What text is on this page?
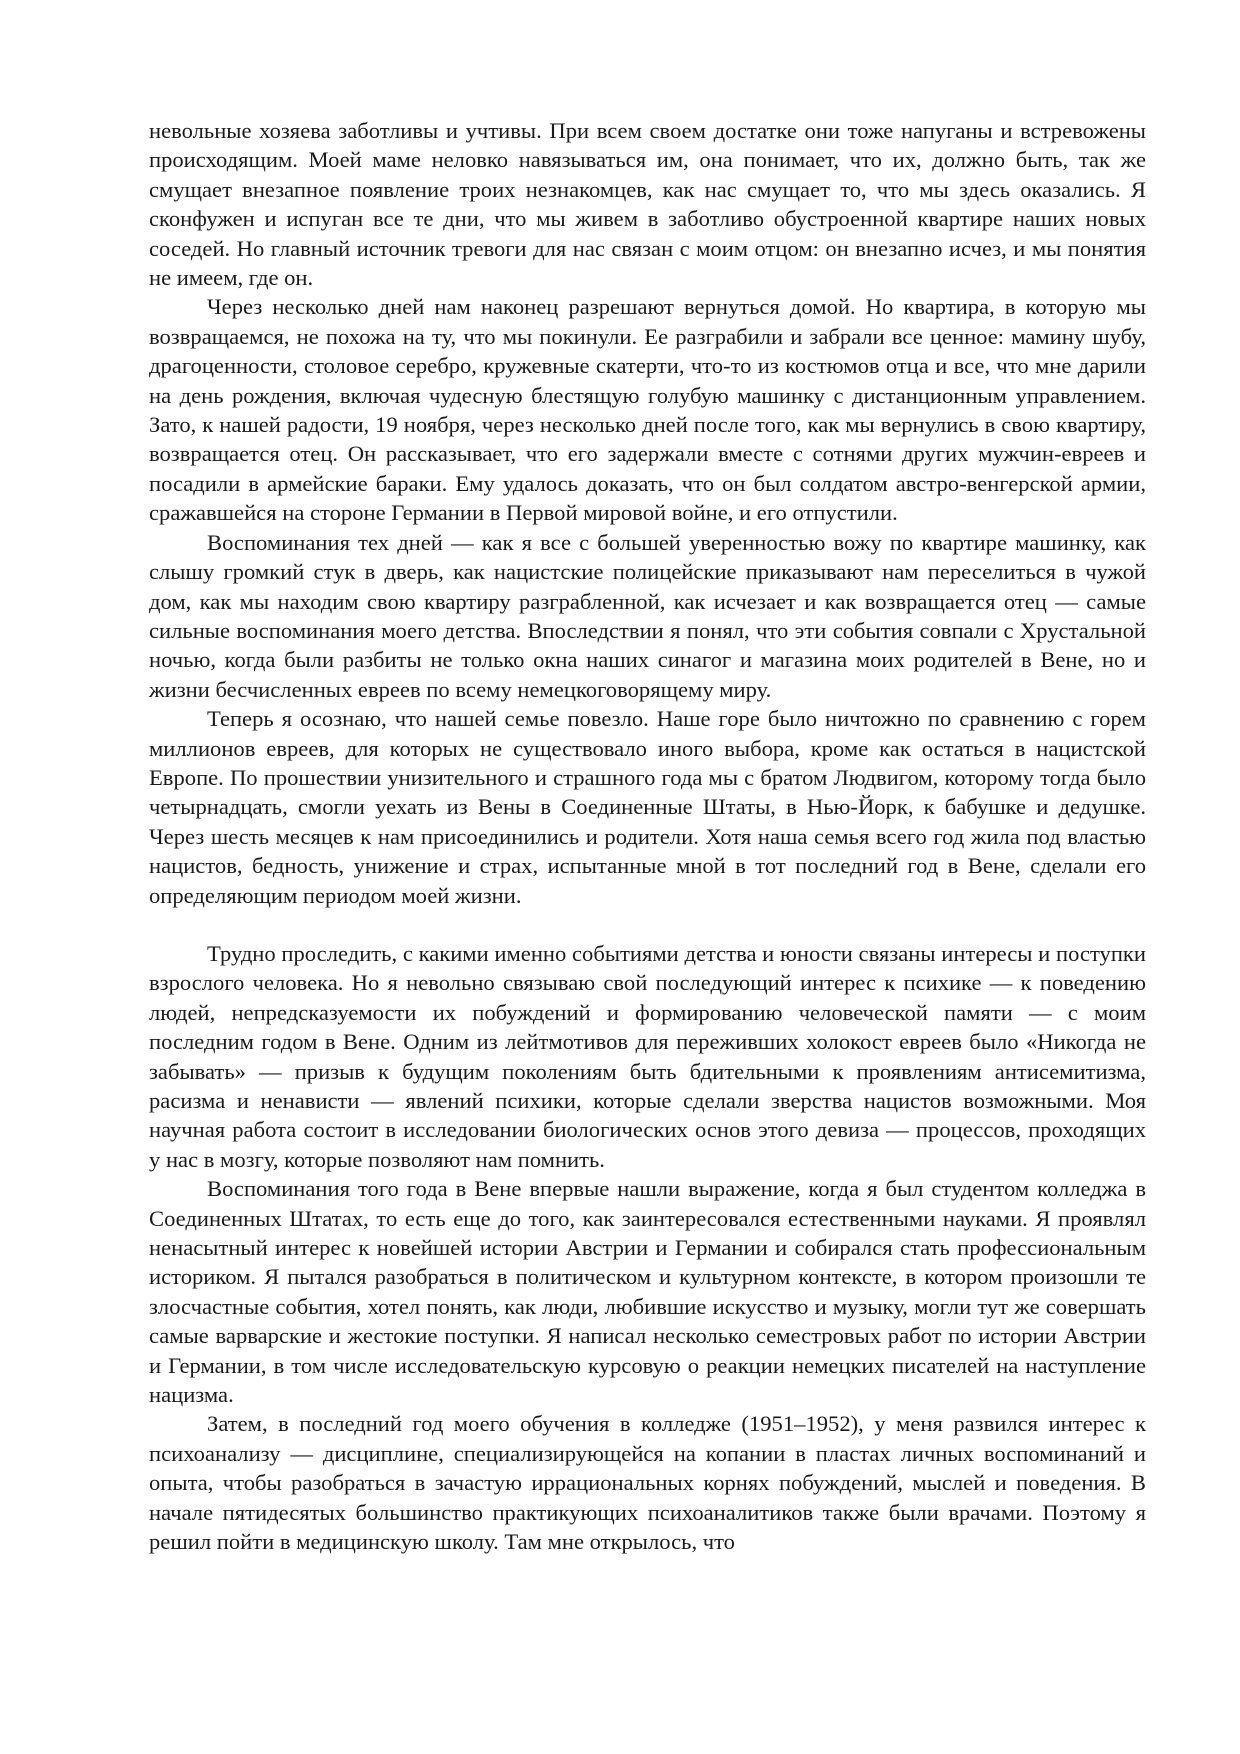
невольные хозяева заботливы и учтивы. При всем своем достатке они тоже напуганы и встревожены происходящим. Моей маме неловко навязываться им, она понимает, что их, должно быть, так же смущает внезапное появление троих незнакомцев, как нас смущает то, что мы здесь оказались. Я сконфужен и испуган все те дни, что мы живем в заботливо обустроенной квартире наших новых соседей. Но главный источник тревоги для нас связан с моим отцом: он внезапно исчез, и мы понятия не имеем, где он.

Через несколько дней нам наконец разрешают вернуться домой. Но квартира, в которую мы возвращаемся, не похожа на ту, что мы покинули. Ее разграбили и забрали все ценное: мамину шубу, драгоценности, столовое серебро, кружевные скатерти, что-то из костюмов отца и все, что мне дарили на день рождения, включая чудесную блестящую голубую машинку с дистанционным управлением. Зато, к нашей радости, 19 ноября, через несколько дней после того, как мы вернулись в свою квартиру, возвращается отец. Он рассказывает, что его задержали вместе с сотнями других мужчин-евреев и посадили в армейские бараки. Ему удалось доказать, что он был солдатом австро-венгерской армии, сражавшейся на стороне Германии в Первой мировой войне, и его отпустили.

Воспоминания тех дней — как я все с большей уверенностью вожу по квартире машинку, как слышу громкий стук в дверь, как нацистские полицейские приказывают нам переселиться в чужой дом, как мы находим свою квартиру разграбленной, как исчезает и как возвращается отец — самые сильные воспоминания моего детства. Впоследствии я понял, что эти события совпали с Хрустальной ночью, когда были разбиты не только окна наших синагог и магазина моих родителей в Вене, но и жизни бесчисленных евреев по всему немецкоговорящему миру.

Теперь я осознаю, что нашей семье повезло. Наше горе было ничтожно по сравнению с горем миллионов евреев, для которых не существовало иного выбора, кроме как остаться в нацистской Европе. По прошествии унизительного и страшного года мы с братом Людвигом, которому тогда было четырнадцать, смогли уехать из Вены в Соединенные Штаты, в Нью-Йорк, к бабушке и дедушке. Через шесть месяцев к нам присоединились и родители. Хотя наша семья всего год жила под властью нацистов, бедность, унижение и страх, испытанные мной в тот последний год в Вене, сделали его определяющим периодом моей жизни.

Трудно проследить, с какими именно событиями детства и юности связаны интересы и поступки взрослого человека. Но я невольно связываю свой последующий интерес к психике — к поведению людей, непредсказуемости их побуждений и формированию человеческой памяти — с моим последним годом в Вене. Одним из лейтмотивов для переживших холокост евреев было «Никогда не забывать» — призыв к будущим поколениям быть бдительными к проявлениям антисемитизма, расизма и ненависти — явлений психики, которые сделали зверства нацистов возможными. Моя научная работа состоит в исследовании биологических основ этого девиза — процессов, проходящих у нас в мозгу, которые позволяют нам помнить.

Воспоминания того года в Вене впервые нашли выражение, когда я был студентом колледжа в Соединенных Штатах, то есть еще до того, как заинтересовался естественными науками. Я проявлял ненасытный интерес к новейшей истории Австрии и Германии и собирался стать профессиональным историком. Я пытался разобраться в политическом и культурном контексте, в котором произошли те злосчастные события, хотел понять, как люди, любившие искусство и музыку, могли тут же совершать самые варварские и жестокие поступки. Я написал несколько семестровых работ по истории Австрии и Германии, в том числе исследовательскую курсовую о реакции немецких писателей на наступление нацизма.

Затем, в последний год моего обучения в колледже (1951–1952), у меня развился интерес к психоанализу — дисциплине, специализирующейся на копании в пластах личных воспоминаний и опыта, чтобы разобраться в зачастую иррациональных корнях побуждений, мыслей и поведения. В начале пятидесятых большинство практикующих психоаналитиков также были врачами. Поэтому я решил пойти в медицинскую школу. Там мне открылось, что
